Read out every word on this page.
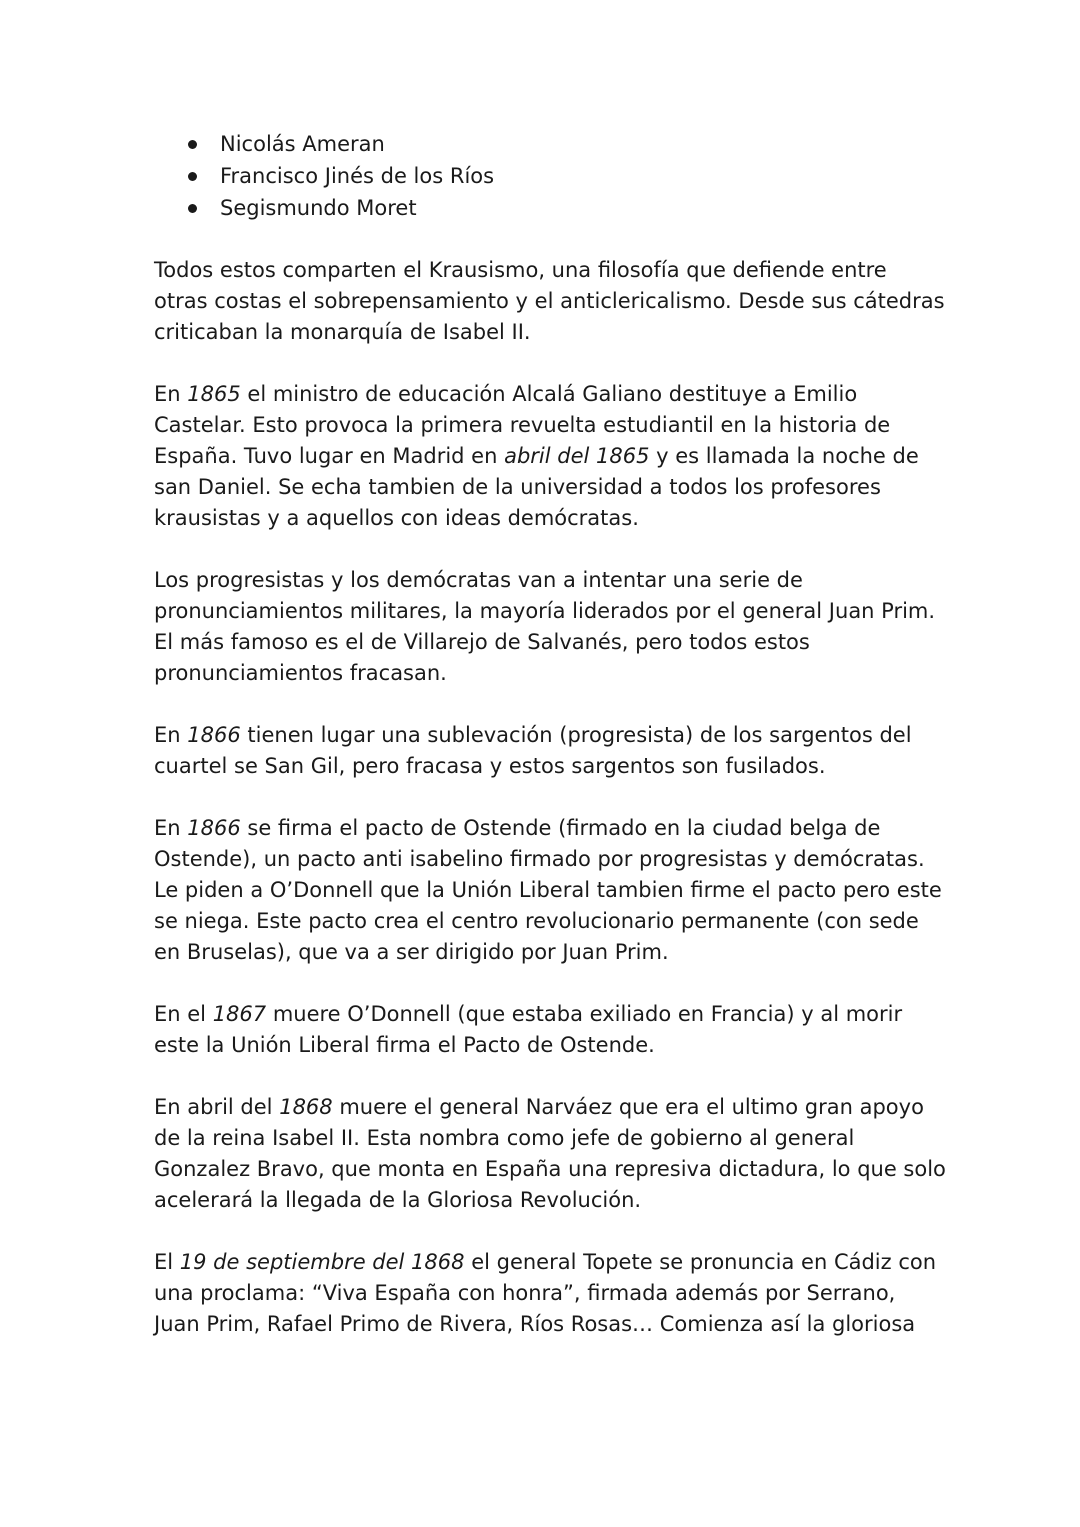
Nicolás Ameran
Francisco Jinés de los Ríos
Segismundo Moret

Todos estos comparten el Krausismo, una filosofía que defiende entre
otras costas el sobrepensamiento y el anticlericalismo. Desde sus cátedras
criticaban la monarquía de Isabel II.

En 1865 el ministro de educación Alcalá Galiano destituye a Emilio
Castelar. Esto provoca la primera revuelta estudiantil en la historia de
España. Tuvo lugar en Madrid en abril del 1865 y es llamada la noche de
san Daniel. Se echa tambien de la universidad a todos los profesores
krausistas y a aquellos con ideas demócratas.

Los progresistas y los demócratas van a intentar una serie de
pronunciamientos militares, la mayoría liderados por el general Juan Prim.
El más famoso es el de Villarejo de Salvanés, pero todos estos
pronunciamientos fracasan.

En 1866 tienen lugar una sublevación (progresista) de los sargentos del
cuartel se San Gil, pero fracasa y estos sargentos son fusilados.

En 1866 se firma el pacto de Ostende (firmado en la ciudad belga de
Ostende), un pacto anti isabelino firmado por progresistas y demócratas.
Le piden a O’Donnell que la Unión Liberal tambien firme el pacto pero este
se niega. Este pacto crea el centro revolucionario permanente (con sede
en Bruselas), que va a ser dirigido por Juan Prim.

En el 1867 muere O’Donnell (que estaba exiliado en Francia) y al morir
este la Unión Liberal firma el Pacto de Ostende.

En abril del 1868 muere el general Narváez que era el ultimo gran apoyo
de la reina Isabel II. Esta nombra como jefe de gobierno al general
Gonzalez Bravo, que monta en España una represiva dictadura, lo que solo
acelerará la llegada de la Gloriosa Revolución.

El 19 de septiembre del 1868 el general Topete se pronuncia en Cádiz con
una proclama: “Viva España con honra”, firmada además por Serrano,
Juan Prim, Rafael Primo de Rivera, Ríos Rosas… Comienza así la gloriosa
